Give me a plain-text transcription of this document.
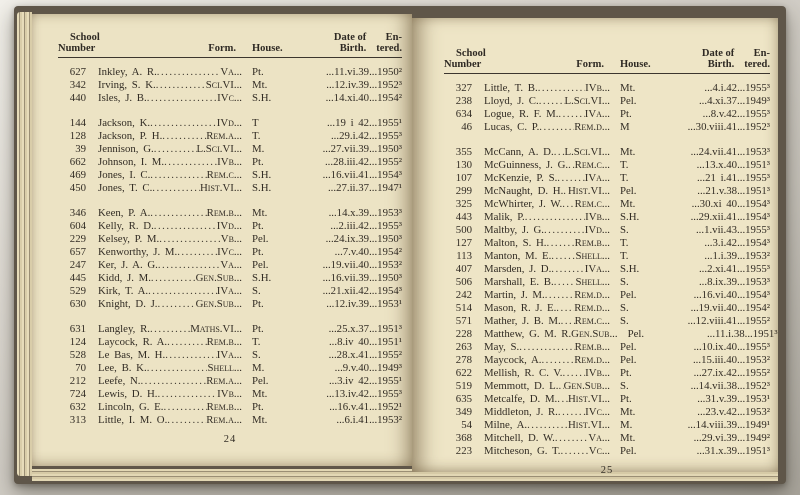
School
Number	Form.	House.
Date of
Birth.
En-
tered.
627	Inkley, A. R. .....	Va... Pt.	...11.vi.39...1950²
342	Irving, S. K. .....	Sci.VI... Mt.	...12.iv.39...1952³
440	Isles, J. B. .....	IVc... S.H.	...14.xi.40...1954²
144	Jackson, K. .....	IVd... T	...19 i 42...1955¹
128	Jackson, P. H. .....	Rem.a... T.	...29.i.42...1955³
39	Jennison, G. .....	L.Sci.VI... M.	...27.vii.39...1950³
662	Johnson, I. M. .....	IVb... Pt.	...28.iii.42...1955²
469	Jones, I. C. .....	Rem.c... S.H.	...16.vii.41...1954³
450	Jones, T. C. .....	Hist.VI... S.H.	...27.ii.37...1947¹
346	Keen, P. A. .....	Rem.b... Mt.	...14.x.39...1953³
604	Kelly, R. D. .....	IVd... Pt.	...2.iii.42...1955³
229	Kelsey, P. M. .....	Vb... Pel.	...24.ix.39...1950³
657	Kenworthy, J. M. .....	IVc... Pt.	...7.v.40...1954²
247	Ker, J. A. G. .....	Va... Pel.	...19.vii.40...1953²
445	Kidd, J. M. .....	Gen.Sub... S.H.	...16.vii.39...1950³
529	Kirk, T. A. .....	IVa... S.	...21.xii.42...1954³
630	Knight, D. J. .....	Gen.Sub... Pt.	...12.iv.39...1953¹
631	Langley, R. .....	Maths.VI... Pt.	...25.x.37...1951³
124	Laycock, R. A. .....	Rem.b... T.	...8.iv 40...1951¹
528	Le Bas, M. H. .....	IVa... S.	...28.x.41...1955²
70	Lee, B. K. .....	Shell... M.	...9.v.40...1949³
212	Leefe, N. .....	Rem.a... Pel.	...3.iv 42...1955¹
724	Lewis, D. H. .....	IVb... Mt.	...13.iv.42...1955³
632	Lincoln, G. E. .....	Rem.b... Pt.	...16.v.41...1952¹
313	Little, I. M. O. .....	Rem.a... Mt.	...6.i.41...1953²
24
School
Number	Form.	House.
Date of
Birth.
En-
tered.
327	Little, T. B. .....	IVb... Mt.	...4.i.42...1955³
238	Lloyd, J. C. ..... L.Sci.VI... Pel.	...4.xi.37...1949³
634	Logue, R. F. M. ..... IVa... Pt.	...8.v.42...1955³
46	Lucas, C. P. .....	Rem.d... M	...30.viii.41...1952³
355	McCann, A. D. ..... L.Sci.VI... Mt.	...24.vii.41...1953³
130	McGuinness, J. G. ..... Rem.c... T.	...13.x.40...1951³
107	McKenzie, P. S. .....	IVa... T.	...21 i.41...1955³
299	McNaught, D. H. ..... Hist.VI... Pel.	...21.v.38...1951³
325	McWhirter, J. W. ..... Rem.c... Mt.	...30.xi 40...1954³
443	Malik, P. .....	IVb... S.H.	...29.xii.41...1954³
500	Maltby, J. G. .....	IVd... S.	...1.vii.43...1955³
127	Malton, S. H. .....	Rem.b... T.	...3.i.42...1954³
113	Manton, M. E. ..... Shell... T.	...1.i.39...1953²
407	Marsden, J. D. .....	IVa... S.H.	...2.xi.41...1955³
506	Marshall, E. B. ..... Shell... S.	...8.ix.39...1953³
242	Martin, J. M. .....	Rem.d... Pel.	...16.vi.40...1954³
514	Mason, R. J. E. ..... Rem.d... S.	...19.vii.40...1954²
571	Mather, J. B. M. ..... Rem.c... S.	...12.viii.41...1955²
228	Matthew, G. M. R. Gen.Sub... Pel.	...11.i.38...1951³
263	May, S. .....	Rem.b... Pel.	...10.ix.40...1955³
278	Maycock, A. .....	Rem.d... Pel.	...15.iii.40...1953²
622	Mellish, R. C. V. ..... IVb... Pt.	...27.ix.42...1955²
519	Memmott, D. L. ..... Gen.Sub... S.	...14.vii.38...1952³
635	Metcalfe, D. M. ..... Hist.VI... Pt.	...31.v.39...1953¹
349	Middleton, J. R. .....	IVc... Mt.	...23.v.42...1953²
54	Milne, A. .....	Hist.VI... M.	...14.viii.39...1949¹
368	Mitchell, D. W. .....	Va... Mt.	...29.vi.39...1949²
223	Mitcheson, G. T. .....	Vc... Pel.	...31.x.39...1951³
25
